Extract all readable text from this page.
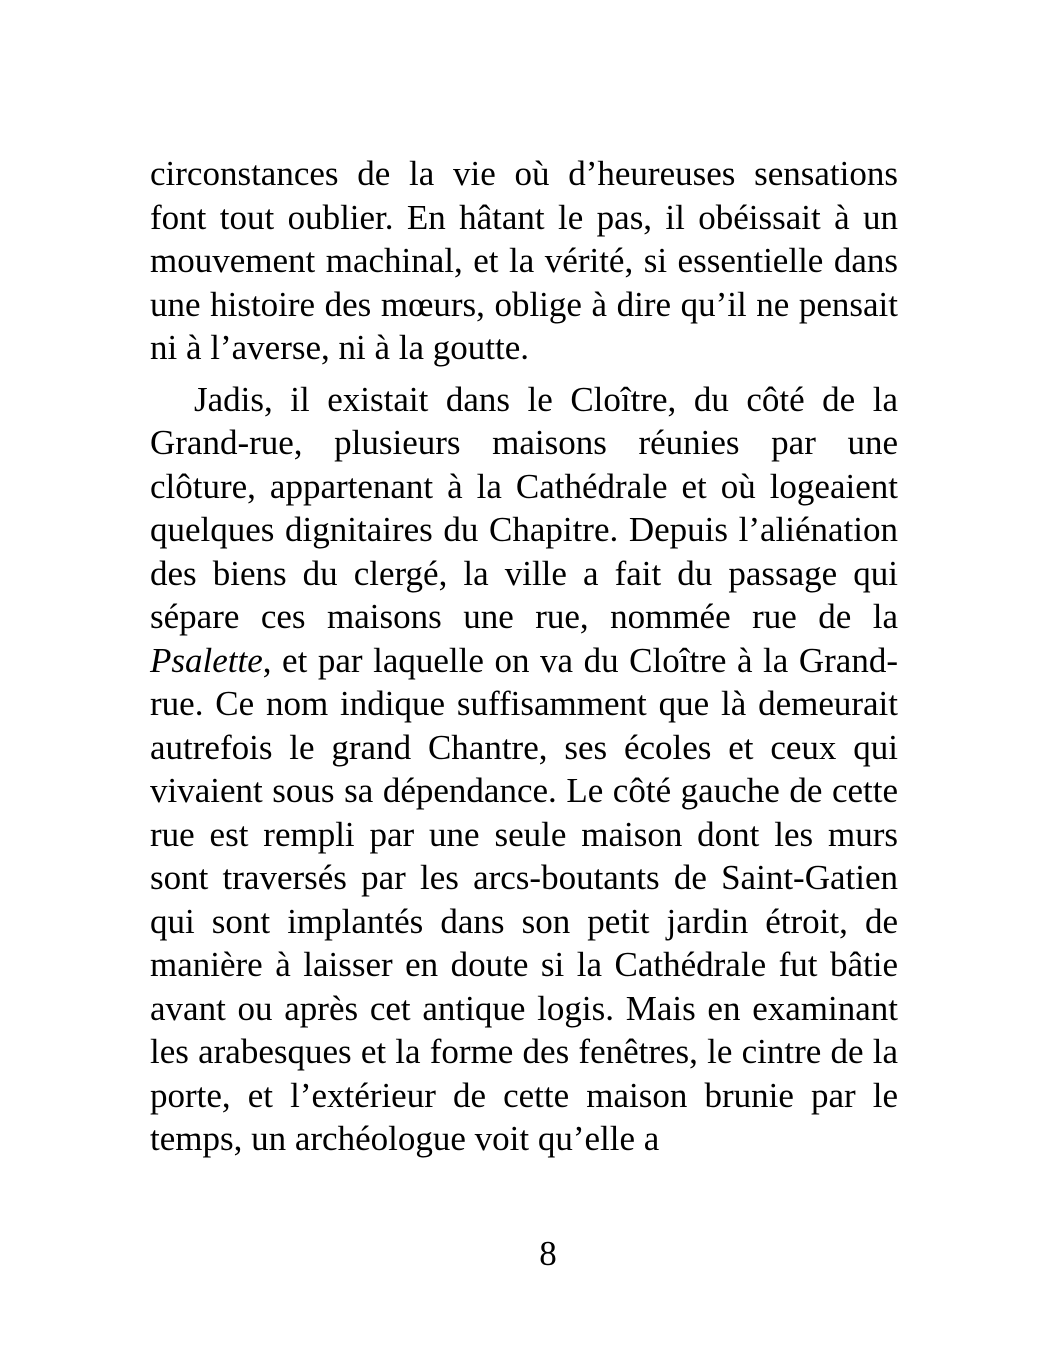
circonstances de la vie où d’heureuses sensations font tout oublier. En hâtant le pas, il obéissait à un mouvement machinal, et la vérité, si essentielle dans une histoire des mœurs, oblige à dire qu’il ne pensait ni à l’averse, ni à la goutte.

Jadis, il existait dans le Cloître, du côté de la Grand-rue, plusieurs maisons réunies par une clôture, appartenant à la Cathédrale et où logeaient quelques dignitaires du Chapitre. Depuis l’aliénation des biens du clergé, la ville a fait du passage qui sépare ces maisons une rue, nommée rue de la Psalette, et par laquelle on va du Cloître à la Grand-rue. Ce nom indique suffisamment que là demeurait autrefois le grand Chantre, ses écoles et ceux qui vivaient sous sa dépendance. Le côté gauche de cette rue est rempli par une seule maison dont les murs sont traversés par les arcs-boutants de Saint-Gatien qui sont implantés dans son petit jardin étroit, de manière à laisser en doute si la Cathédrale fut bâtie avant ou après cet antique logis. Mais en examinant les arabesques et la forme des fenêtres, le cintre de la porte, et l’extérieur de cette maison brunie par le temps, un archéologue voit qu’elle a

8
